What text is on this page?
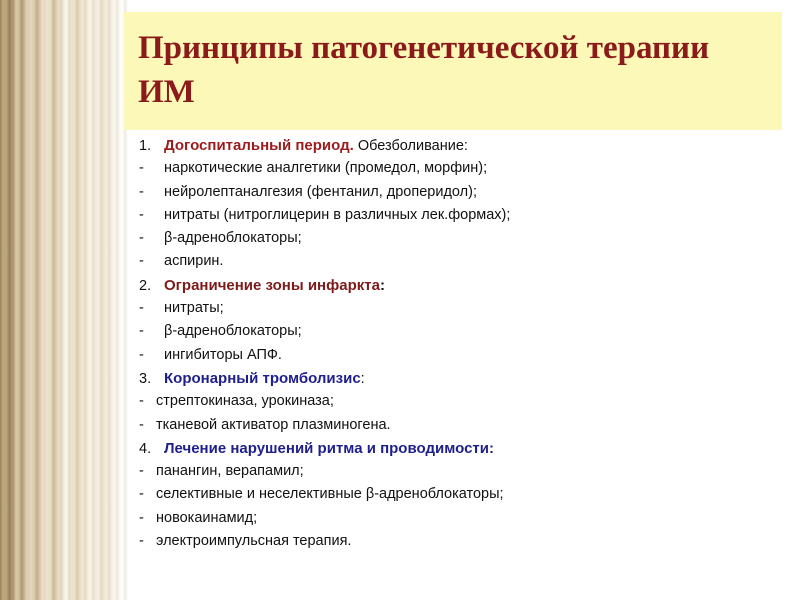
Принципы патогенетической терапии ИМ
1. Догоспитальный период. Обезболивание:
- наркотические аналгетики (промедол, морфин);
- нейролептаналгезия (фентанил, дроперидол);
- нитраты (нитроглицерин в различных лек.формах);
- β-адреноблокаторы;
- аспирин.
2. Ограничение зоны инфаркта:
- нитраты;
- β-адреноблокаторы;
- ингибиторы АПФ.
3. Коронарный тромболизис:
- стрептокиназа, урокиназа;
- тканевой активатор плазминогена.
4. Лечение нарушений ритма и проводимости:
- панангин, верапамил;
- селективные и неселективные β-адреноблокаторы;
- новокаинамид;
- электроимпульсная терапия.
